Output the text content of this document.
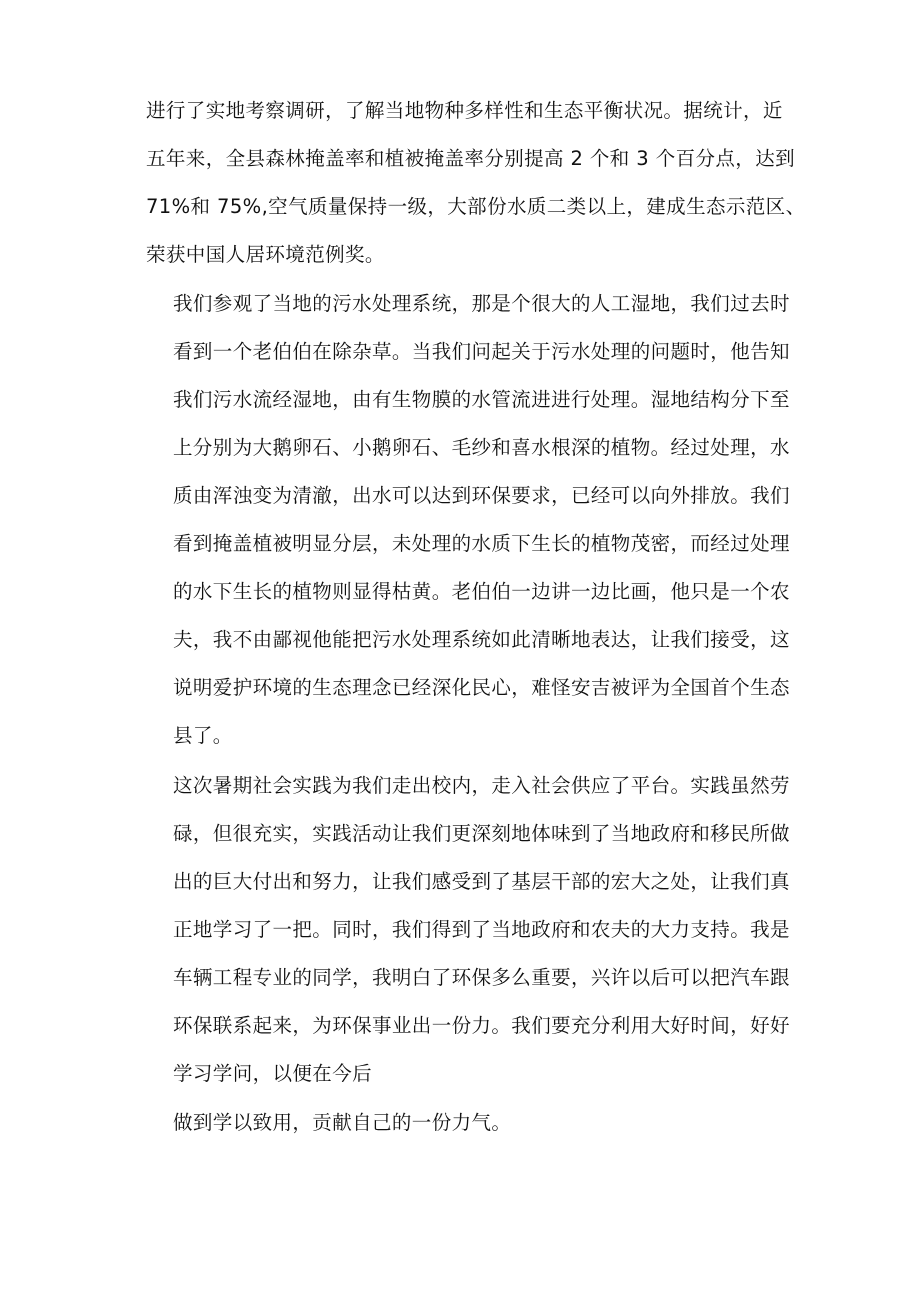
进行了实地考察调研，了解当地物种多样性和生态平衡状况。据统计，近
五年来，全县森林掩盖率和植被掩盖率分别提高 2 个和 3 个百分点，达到
71%和 75%,空气质量保持一级，大部份水质二类以上，建成生态示范区、
荣获中国人居环境范例奖。

我们参观了当地的污水处理系统，那是个很大的人工湿地，我们过去时
看到一个老伯伯在除杂草。当我们问起关于污水处理的问题时，他告知
我们污水流经湿地，由有生物膜的水管流进进行处理。湿地结构分下至
上分别为大鹅卵石、小鹅卵石、毛纱和喜水根深的植物。经过处理，水
质由浑浊变为清澈，出水可以达到环保要求，已经可以向外排放。我们
看到掩盖植被明显分层，未处理的水质下生长的植物茂密，而经过处理
的水下生长的植物则显得枯黄。老伯伯一边讲一边比画，他只是一个农
夫，我不由鄙视他能把污水处理系统如此清晰地表达，让我们接受，这
说明爱护环境的生态理念已经深化民心，难怪安吉被评为全国首个生态
县了。

这次暑期社会实践为我们走出校内，走入社会供应了平台。实践虽然劳
碌，但很充实，实践活动让我们更深刻地体味到了当地政府和移民所做
出的巨大付出和努力，让我们感受到了基层干部的宏大之处，让我们真
正地学习了一把。同时，我们得到了当地政府和农夫的大力支持。我是
车辆工程专业的同学，我明白了环保多么重要，兴许以后可以把汽车跟
环保联系起来，为环保事业出一份力。我们要充分利用大好时间，好好
学习学问，以便在今后

做到学以致用，贡献自己的一份力气。
